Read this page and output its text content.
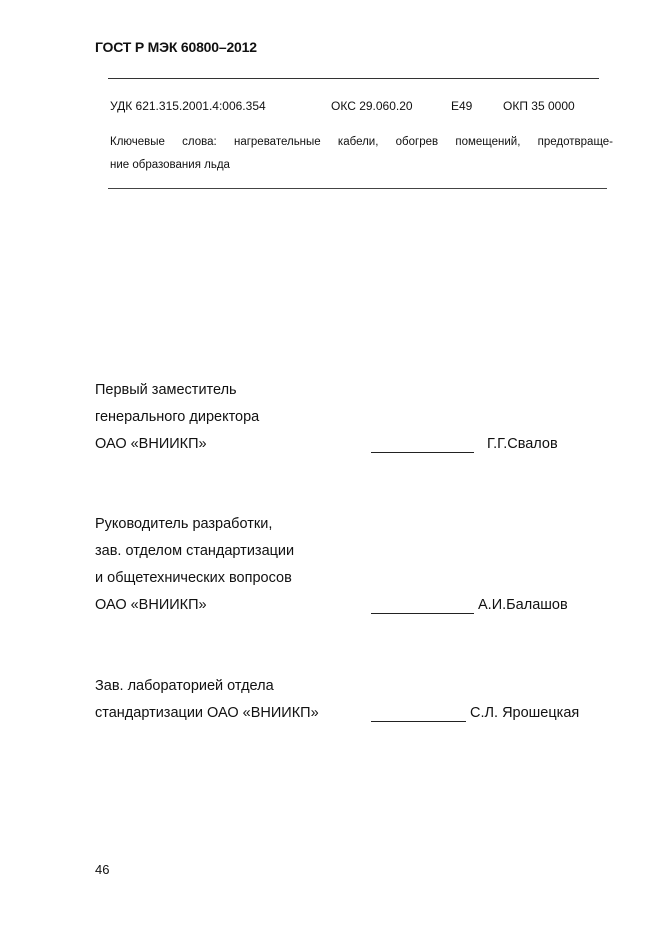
ГОСТ Р МЭК 60800–2012
УДК 621.315.2001.4:006.354	ОКС 29.060.20	Е49	ОКП 35 0000
Ключевые слова: нагревательные кабели, обогрев помещений, предотвраще-
ние образования льда
Первый заместитель
генерального директора
ОАО «ВНИИКП»	Г.Г.Свалов
Руководитель разработки,
зав. отделом стандартизации
и общетехнических вопросов
ОАО «ВНИИКП»	А.И.Балашов
Зав. лабораторией отдела
стандартизации ОАО «ВНИИКП»	С.Л. Ярошецкая
46
